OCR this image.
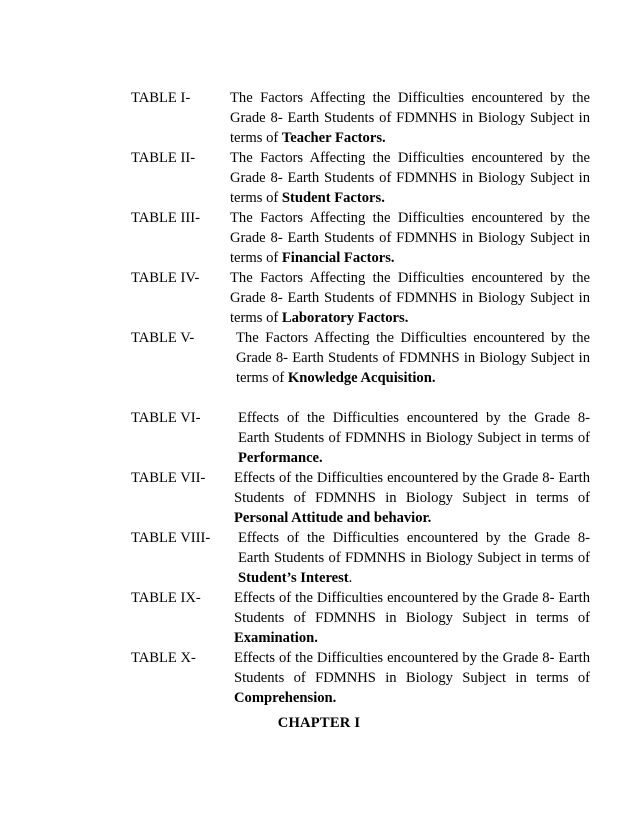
TABLE I-	The Factors Affecting the Difficulties encountered by the Grade 8- Earth Students of FDMNHS in Biology Subject in terms of Teacher Factors.
TABLE II- The Factors Affecting the Difficulties encountered by the Grade 8- Earth Students of FDMNHS in Biology Subject in terms of Student Factors.
TABLE III- The Factors Affecting the Difficulties encountered by the Grade 8- Earth Students of FDMNHS in Biology Subject in terms of Financial Factors.
TABLE IV- The Factors Affecting the Difficulties encountered by the Grade 8- Earth Students of FDMNHS in Biology Subject in terms of Laboratory Factors.
TABLE V-	The Factors Affecting the Difficulties encountered by the Grade 8- Earth Students of FDMNHS in Biology Subject in terms of Knowledge Acquisition.
TABLE VI-	Effects of the Difficulties encountered by the Grade 8- Earth Students of FDMNHS in Biology Subject in terms of Performance.
TABLE VII- Effects of the Difficulties encountered by the Grade 8- Earth Students of FDMNHS in Biology Subject in terms of Personal Attitude and behavior.
TABLE VIII- Effects of the Difficulties encountered by the Grade 8- Earth Students of FDMNHS in Biology Subject in terms of Student’s Interest.
TABLE IX- Effects of the Difficulties encountered by the Grade 8- Earth Students of FDMNHS in Biology Subject in terms of Examination.
TABLE X-	Effects of the Difficulties encountered by the Grade 8- Earth Students of FDMNHS in Biology Subject in terms of Comprehension.
CHAPTER I
